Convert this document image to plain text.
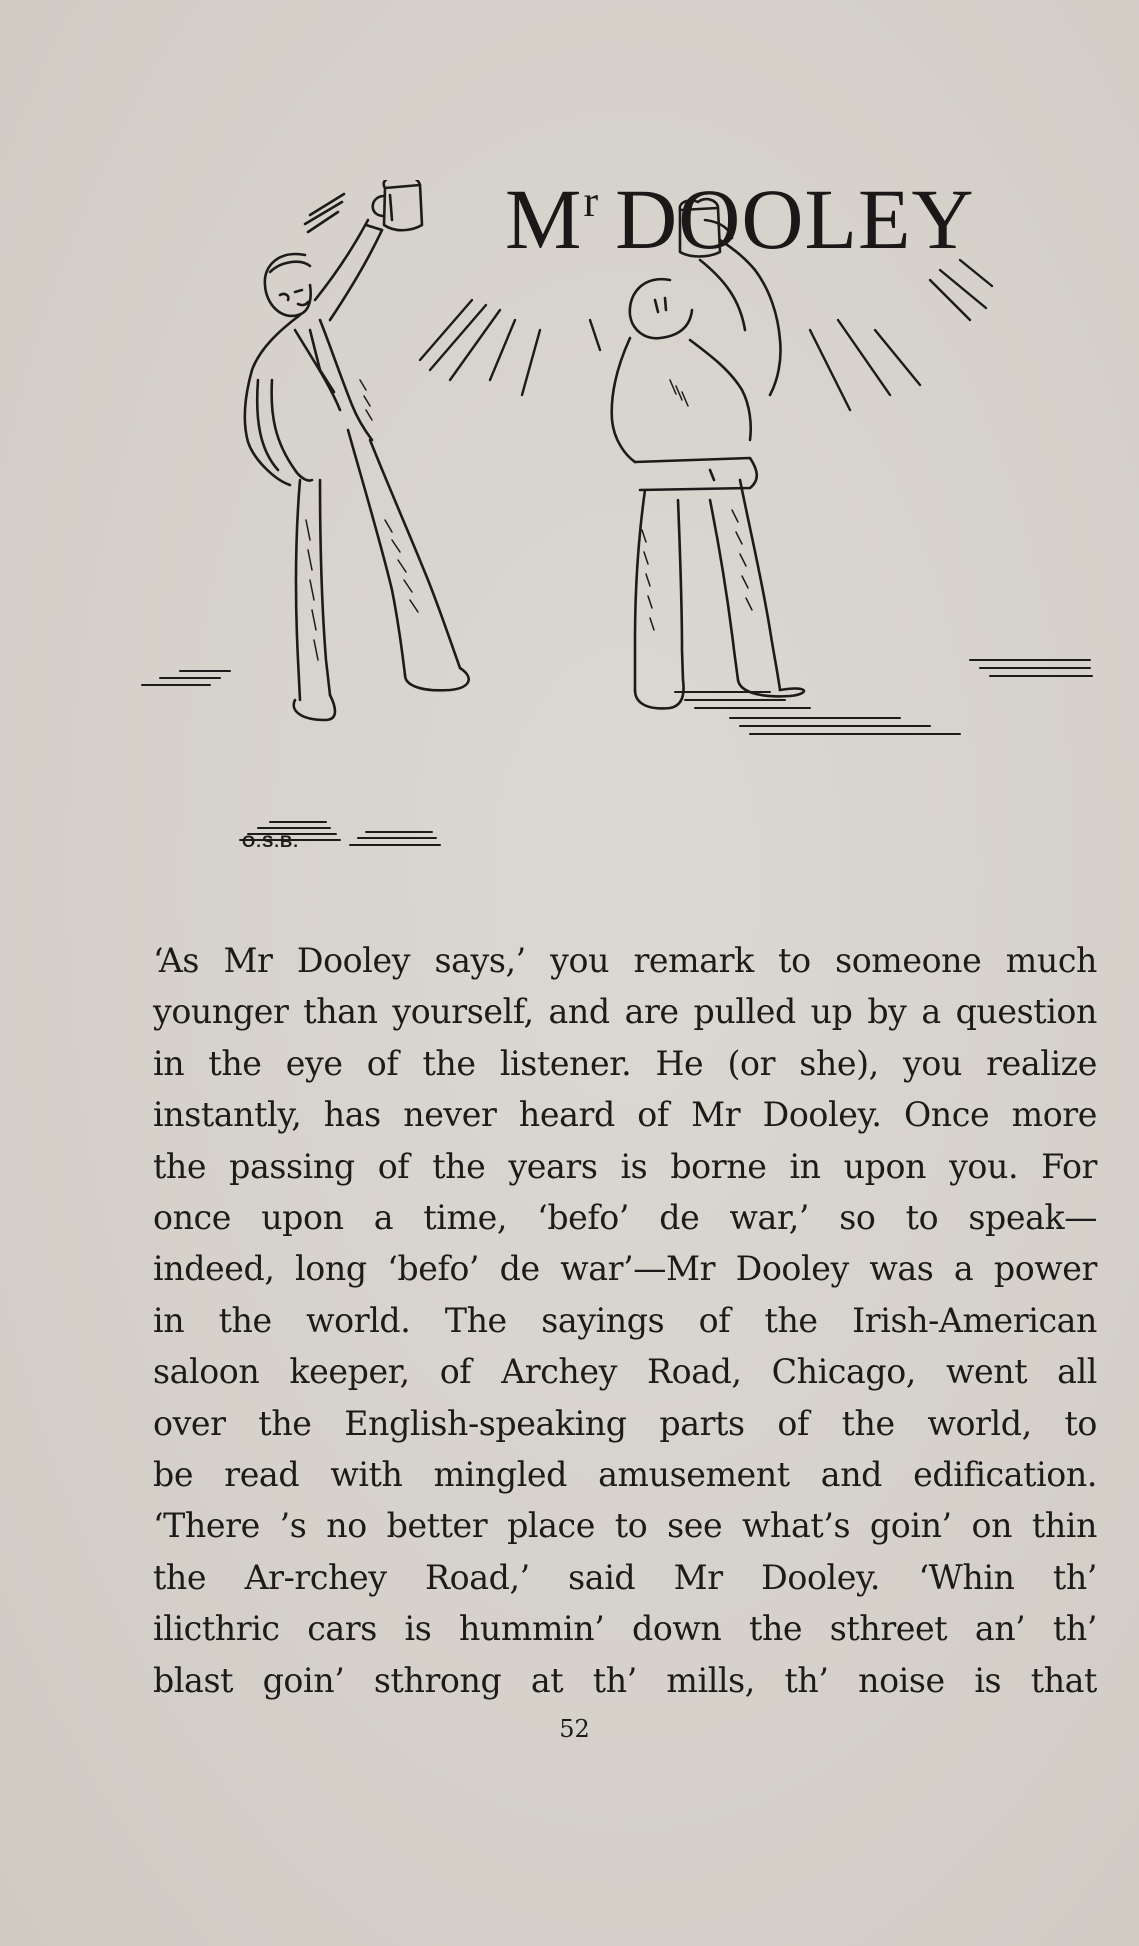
$M^r$ DOOLEY
O.S.B.
‘As Mr Dooley says,’ you remark to someone much
younger than yourself, and are pulled up by a question
in the eye of the listener. He (or she), you realize
instantly, has never heard of Mr Dooley. Once more
the passing of the years is borne in upon you. For
once upon a time, ‘befo’ de war,’ so to speak—
indeed, long ‘befo’ de war’—Mr Dooley was a power
in the world. The sayings of the Irish-American
saloon keeper, of Archey Road, Chicago, went all
over the English-speaking parts of the world, to
be read with mingled amusement and edification.
‘There ’s no better place to see what’s goin’ on thin
the Ar-rchey Road,’ said Mr Dooley. ‘Whin th’
ilicthric cars is hummin’ down the sthreet an’ th’
blast goin’ sthrong at th’ mills, th’ noise is that
52
